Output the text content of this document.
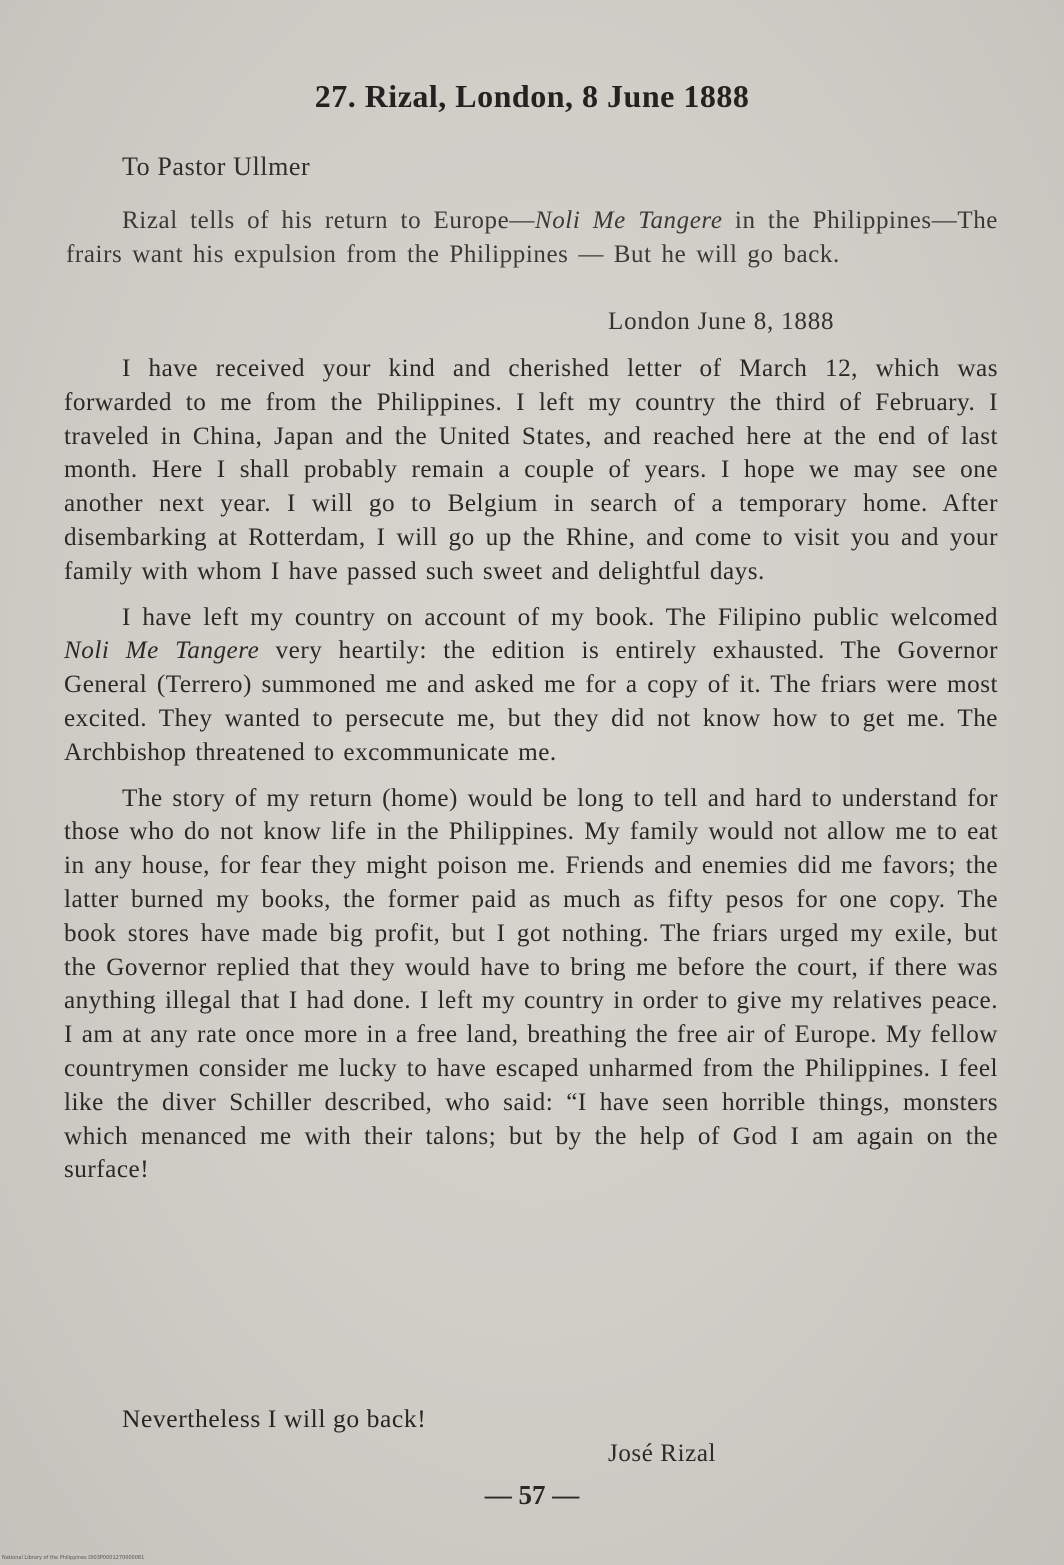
27. Rizal, London, 8 June 1888
To Pastor Ullmer
Rizal tells of his return to Europe—Noli Me Tangere in the Philippines—The frairs want his expulsion from the Philippines — But he will go back.
London June 8, 1888

I have received your kind and cherished letter of March 12, which was forwarded to me from the Philippines. I left my country the third of February. I traveled in China, Japan and the United States, and reached here at the end of last month. Here I shall probably remain a couple of years. I hope we may see one another next year. I will go to Belgium in search of a temporary home. After disembarking at Rotterdam, I will go up the Rhine, and come to visit you and your family with whom I have passed such sweet and delightful days.

I have left my country on account of my book. The Filipino public welcomed Noli Me Tangere very heartily: the edition is entirely exhausted. The Governor General (Terrero) summoned me and asked me for a copy of it. The friars were most excited. They wanted to persecute me, but they did not know how to get me. The Archbishop threatened to excommunicate me.

The story of my return (home) would be long to tell and hard to understand for those who do not know life in the Philippines. My family would not allow me to eat in any house, for fear they might poison me. Friends and enemies did me favors; the latter burned my books, the former paid as much as fifty pesos for one copy. The book stores have made big profit, but I got nothing. The friars urged my exile, but the Governor replied that they would have to bring me before the court, if there was anything illegal that I had done. I left my country in order to give my relatives peace. I am at any rate once more in a free land, breathing the free air of Europe. My fellow countrymen consider me lucky to have escaped unharmed from the Philippines. I feel like the diver Schiller described, who said: “I have seen horrible things, monsters which menanced me with their talons; but by the help of God I am again on the surface!

Nevertheless I will go back!
José Rizal
— 57 —
National Library of the Philippines DI03P0001270000081
